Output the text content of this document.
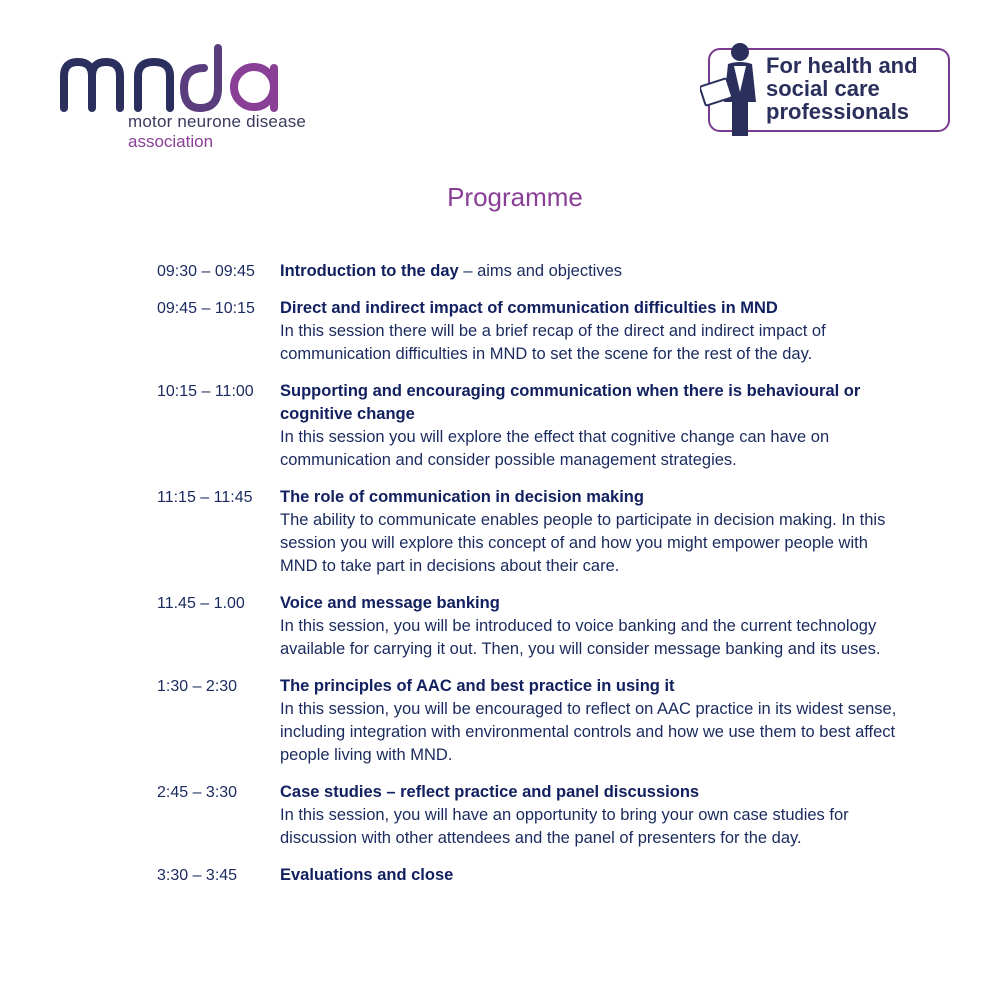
motor neurone disease
association
For health and
social care
professionals
Programme
09:30 – 09:45	Introduction to the day – aims and objectives
09:45 – 10:15	Direct and indirect impact of communication difficulties in MND
In this session there will be a brief recap of the direct and indirect impact of communication difficulties in MND to set the scene for the rest of the day.
10:15 – 11:00	Supporting and encouraging communication when there is behavioural or cognitive change
In this session you will explore the effect that cognitive change can have on communication and consider possible management strategies.
11:15 – 11:45	The role of communication in decision making
The ability to communicate enables people to participate in decision making. In this session you will explore this concept of and how you might empower people with MND to take part in decisions about their care.
11.45 – 1.00	Voice and message banking
In this session, you will be introduced to voice banking and the current technology available for carrying it out. Then, you will consider message banking and its uses.
1:30 – 2:30	The principles of AAC and best practice in using it
In this session, you will be encouraged to reflect on AAC practice in its widest sense, including integration with environmental controls and how we use them to best affect people living with MND.
2:45 – 3:30	Case studies – reflect practice and panel discussions
In this session, you will have an opportunity to bring your own case studies for discussion with other attendees and the panel of presenters for the day.
3:30 – 3:45	Evaluations and close
